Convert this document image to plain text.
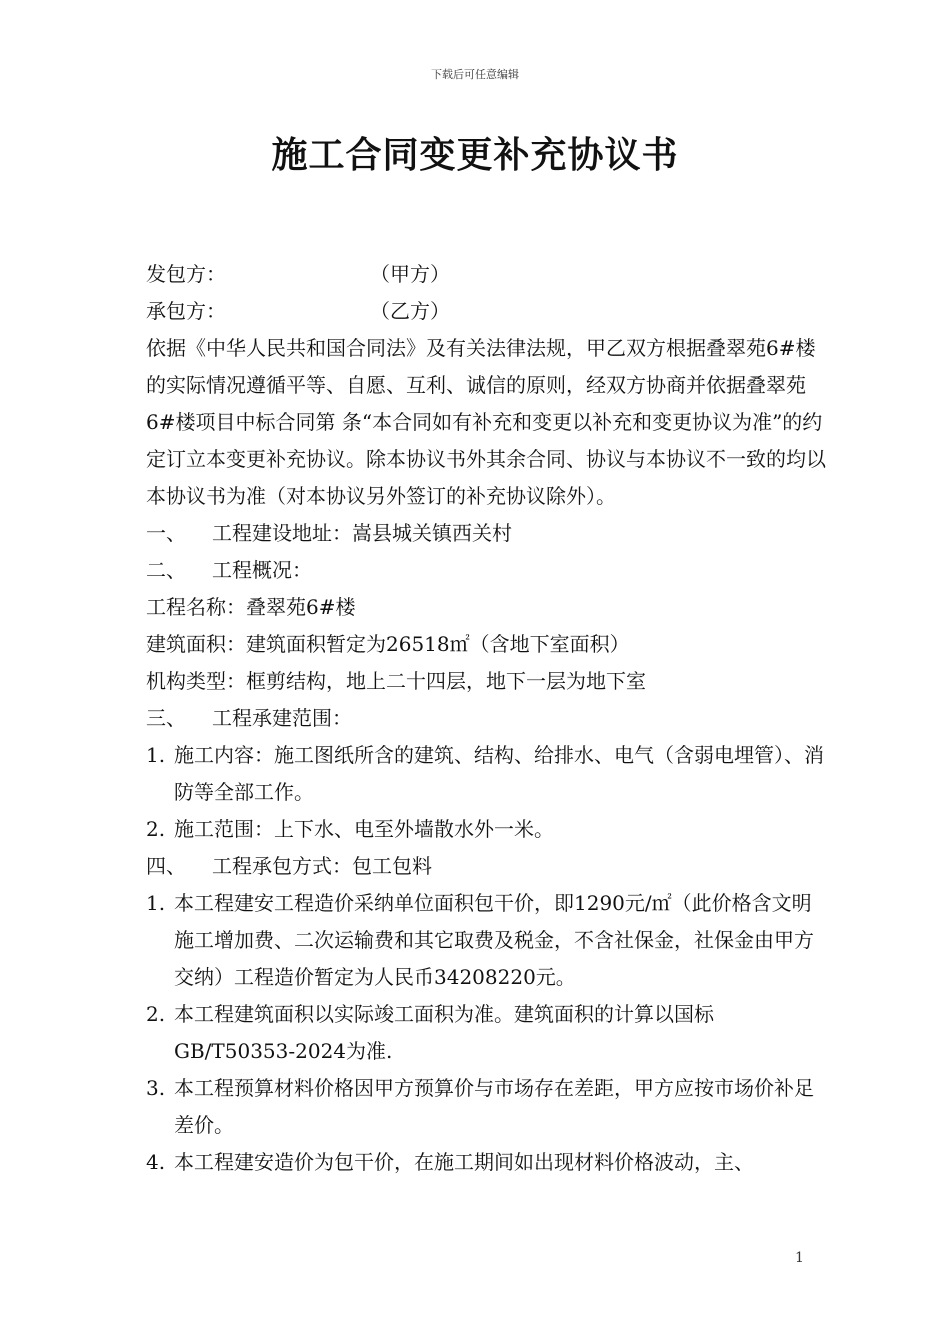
下载后可任意编辑
施工合同变更补充协议书
发包方：	（甲方）
承包方：	（乙方）
依据《中华人民共和国合同法》及有关法律法规，甲乙双方根据叠翠苑6#楼的实际情况遵循平等、自愿、互利、诚信的原则，经双方协商并依据叠翠苑6#楼项目中标合同第 条“本合同如有补充和变更以补充和变更协议为准”的约定订立本变更补充协议。除本协议书外其余合同、协议与本协议不一致的均以本协议书为准（对本协议另外签订的补充协议除外）。
一、	工程建设地址：嵩县城关镇西关村
二、	工程概况：
工程名称：叠翠苑6#楼
建筑面积：建筑面积暂定为26518㎡（含地下室面积）
机构类型：框剪结构，地上二十四层，地下一层为地下室
三、	工程承建范围：
1. 施工内容：施工图纸所含的建筑、结构、给排水、电气（含弱电埋管）、消防等全部工作。
2. 施工范围：上下水、电至外墙散水外一米。
四、	工程承包方式：包工包料
1. 本工程建安工程造价采纳单位面积包干价，即1290元/㎡（此价格含文明施工增加费、二次运输费和其它取费及税金，不含社保金，社保金由甲方交纳）工程造价暂定为人民币34208220元。
2. 本工程建筑面积以实际竣工面积为准。建筑面积的计算以国标GB/T50353-2024为准.
3. 本工程预算材料价格因甲方预算价与市场存在差距，甲方应按市场价补足差价。
4. 本工程建安造价为包干价，在施工期间如出现材料价格波动，主、
1
